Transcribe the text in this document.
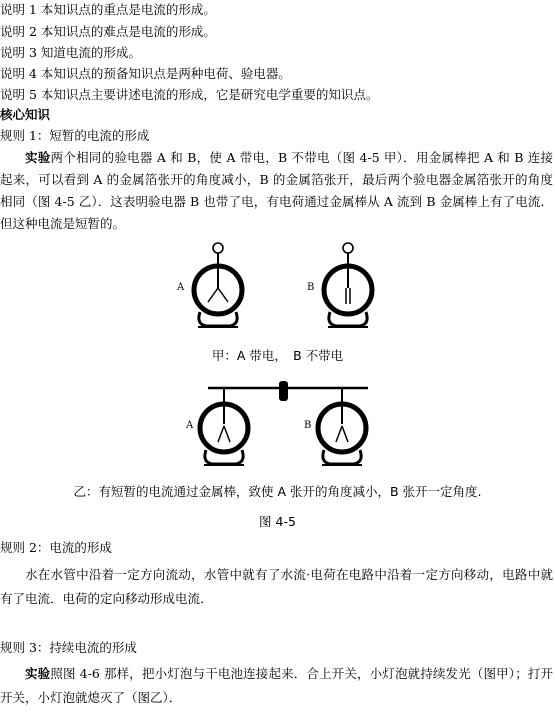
说明 1 本知识点的重点是电流的形成。
说明 2 本知识点的难点是电流的形成。
说明 3 知道电流的形成。
说明 4 本知识点的预备知识点是两种电荷、验电器。
说明 5 本知识点主要讲述电流的形成，它是研究电学重要的知识点。
核心知识
规则 1：短暂的电流的形成
实验两个相同的验电器 A 和 B，使 A 带电，B 不带电（图 4-5 甲）．用金属棒把 A 和 B 连接起来，可以看到 A 的金属箔张开的角度减小，B 的金属箔张开，最后两个验电器金属箔张开的角度相同（图 4-5 乙）．这表明验电器 B 也带了电，有电荷通过金属棒从 A 流到 B 金属棒上有了电流．但这种电流是短暂的。
A	B
甲：A 带电，　B 不带电
A	B
乙：有短暂的电流通过金属棒，致使 A 张开的角度减小，B 张开一定角度.
图 4-5
规则 2：电流的形成
水在水管中沿着一定方向流动，水管中就有了水流·电荷在电路中沿着一定方向移动，电路中就有了电流．电荷的定向移动形成电流．
规则 3：持续电流的形成
实验照图 4-6 那样，把小灯泡与干电池连接起来．合上开关，小灯泡就持续发光（图甲）；打开开关，小灯泡就熄灭了（图乙）．
